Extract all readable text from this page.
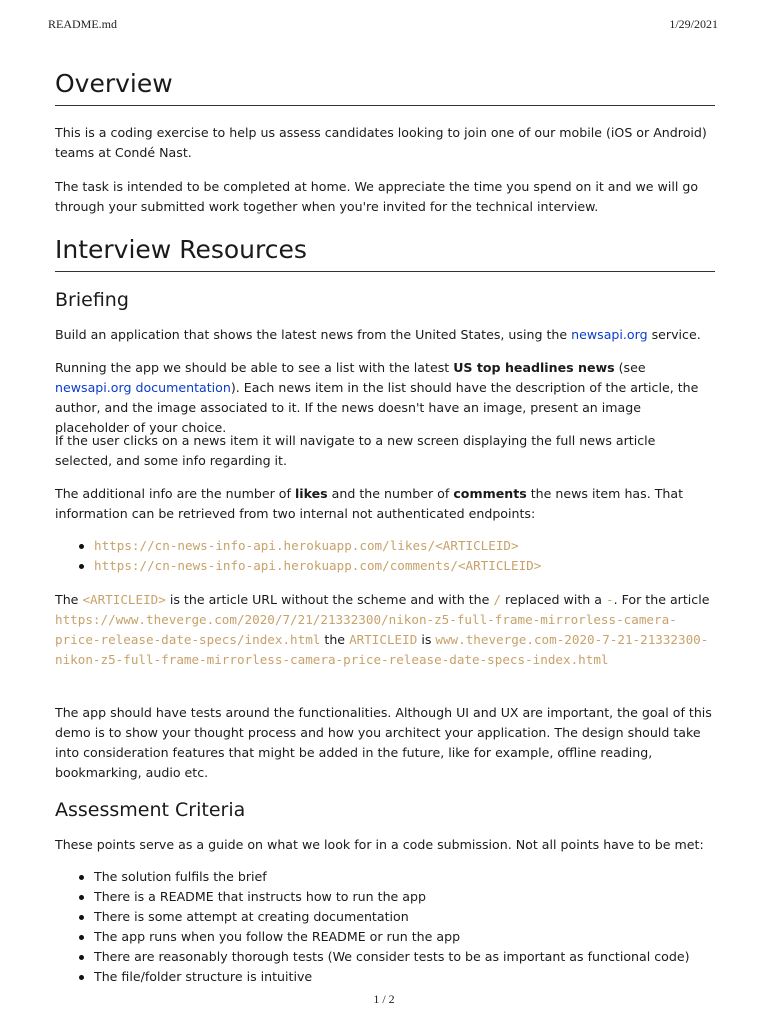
README.md	1/29/2021
Overview

This is a coding exercise to help us assess candidates looking to join one of our mobile (iOS or Android) teams at Condé Nast.

The task is intended to be completed at home. We appreciate the time you spend on it and we will go through your submitted work together when you're invited for the technical interview.

Interview Resources
Briefing

Build an application that shows the latest news from the United States, using the newsapi.org service.

Running the app we should be able to see a list with the latest US top headlines news (see newsapi.org documentation). Each news item in the list should have the description of the article, the author, and the image associated to it. If the news doesn't have an image, present an image placeholder of your choice.

If the user clicks on a news item it will navigate to a new screen displaying the full news article selected, and some info regarding it.

The additional info are the number of likes and the number of comments the news item has. That information can be retrieved from two internal not authenticated endpoints:

https://cn-news-info-api.herokuapp.com/likes/<ARTICLEID>
https://cn-news-info-api.herokuapp.com/comments/<ARTICLEID>

The <ARTICLEID> is the article URL without the scheme and with the / replaced with a -. For the article https://www.theverge.com/2020/7/21/21332300/nikon-z5-full-frame-mirrorless-camera-price-release-date-specs/index.html the ARTICLEID is www.theverge.com-2020-7-21-21332300-nikon-z5-full-frame-mirrorless-camera-price-release-date-specs-index.html

The app should have tests around the functionalities. Although UI and UX are important, the goal of this demo is to show your thought process and how you architect your application. The design should take into consideration features that might be added in the future, like for example, offline reading, bookmarking, audio etc.

Assessment Criteria

These points serve as a guide on what we look for in a code submission. Not all points have to be met:

The solution fulfils the brief
There is a README that instructs how to run the app
There is some attempt at creating documentation
The app runs when you follow the README or run the app
There are reasonably thorough tests (We consider tests to be as important as functional code)
The file/folder structure is intuitive
1 / 2
